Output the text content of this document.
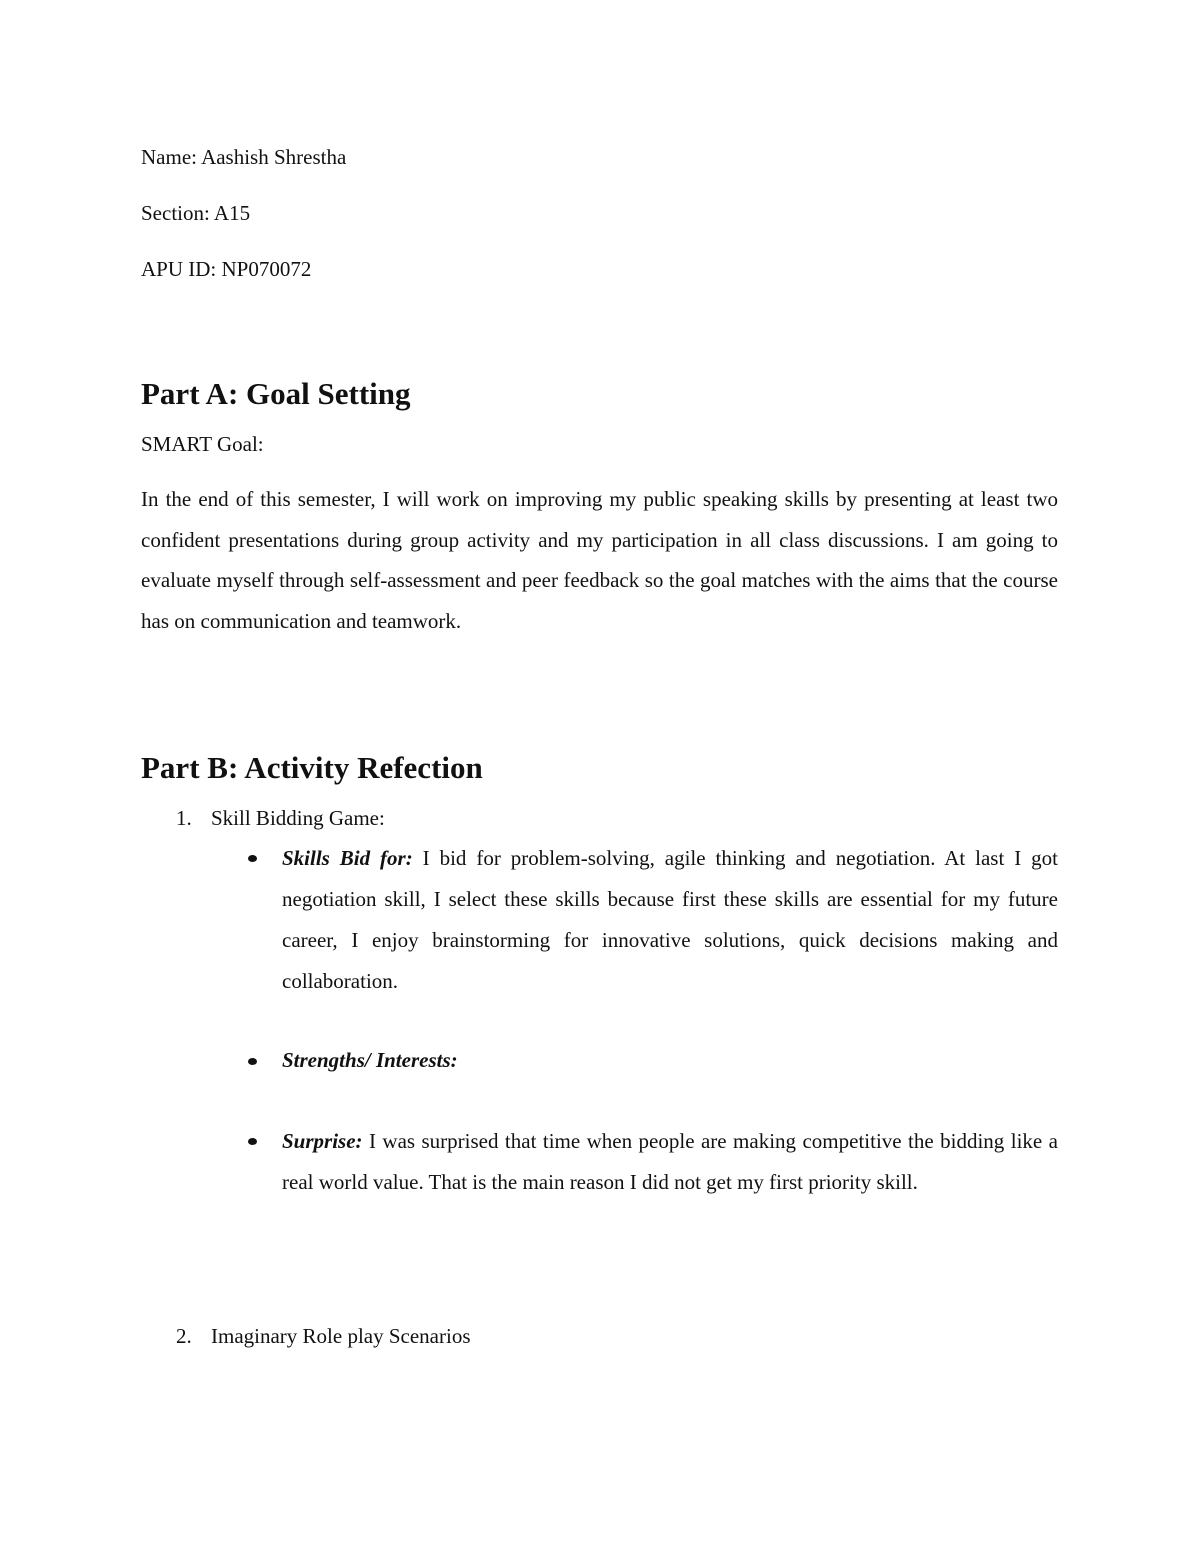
Name: Aashish Shrestha
Section: A15
APU ID: NP070072
Part A: Goal Setting
SMART Goal:
In the end of this semester, I will work on improving my public speaking skills by presenting at least two confident presentations during group activity and my participation in all class discussions. I am going to evaluate myself through self-assessment and peer feedback so the goal matches with the aims that the course has on communication and teamwork.
Part B: Activity Refection
1. Skill Bidding Game:
Skills Bid for: I bid for problem-solving, agile thinking and negotiation. At last I got negotiation skill, I select these skills because first these skills are essential for my future career, I enjoy brainstorming for innovative solutions, quick decisions making and collaboration.
Strengths/ Interests:
Surprise: I was surprised that time when people are making competitive the bidding like a real world value. That is the main reason I did not get my first priority skill.
2. Imaginary Role play Scenarios
